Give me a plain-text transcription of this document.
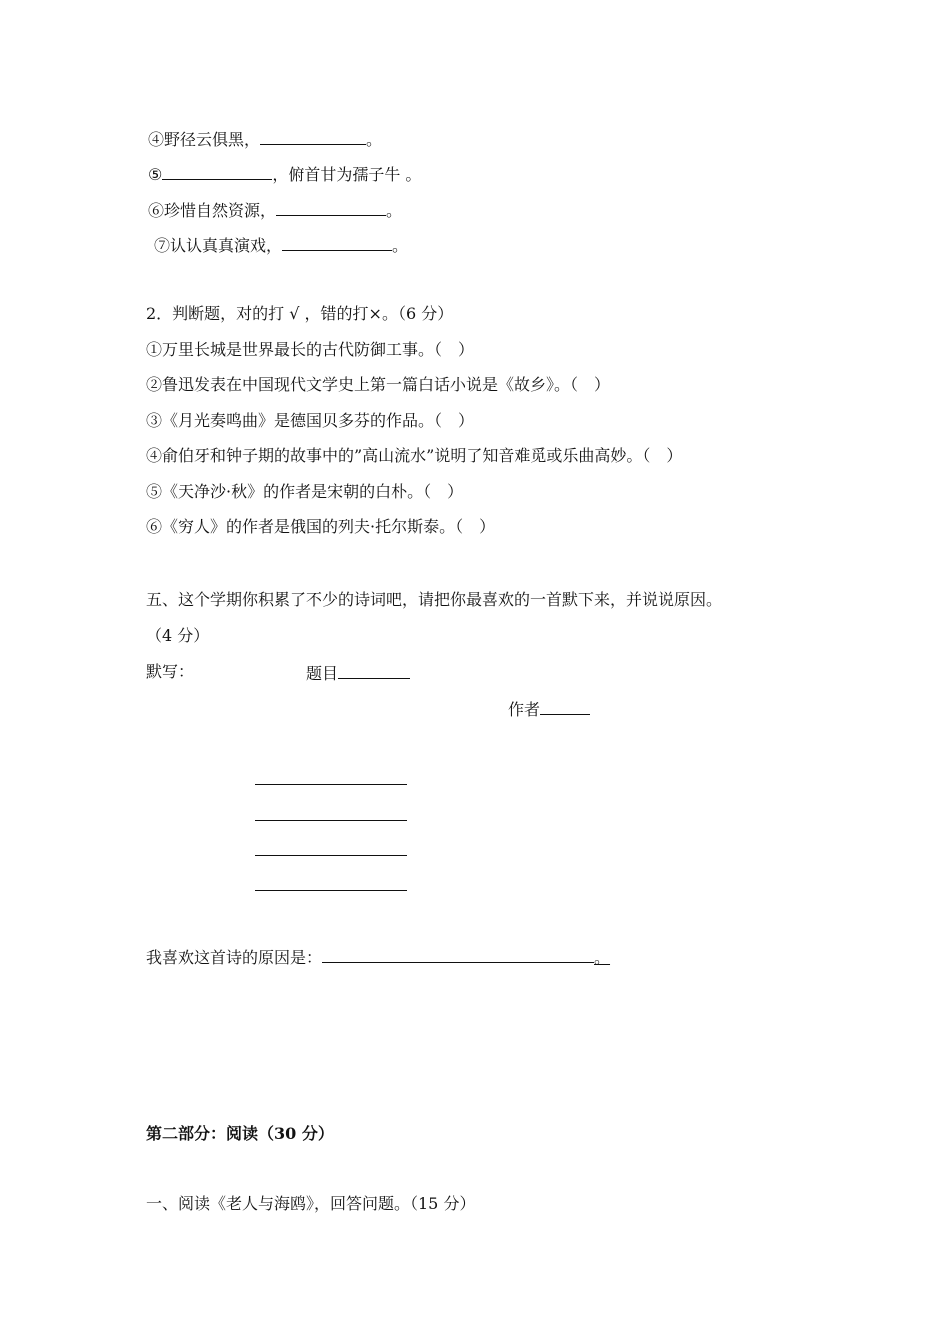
④野径云俱黑，	。
⑤	，俯首甘为孺子牛 。
⑥珍惜自然资源，	。
⑦认认真真演戏，	。
2．判断题，对的打 √ ，错的打×。（6 分）
①万里长城是世界最长的古代防御工事。（　）
②鲁迅发表在中国现代文学史上第一篇白话小说是《故乡》。（　）
③《月光奏鸣曲》是德国贝多芬的作品。（　）
④俞伯牙和钟子期的故事中的”高山流水”说明了知音难觅或乐曲高妙。（　）
⑤《天净沙·秋》的作者是宋朝的白朴。（　）
⑥《穷人》的作者是俄国的列夫·托尔斯泰。（　）
五、这个学期你积累了不少的诗词吧，请把你最喜欢的一首默下来，并说说原因。
（4 分）
默写：	题目
作者
我喜欢这首诗的原因是：	。
第二部分：阅读（30 分）
一、阅读《老人与海鸥》，回答问题。（15 分）
